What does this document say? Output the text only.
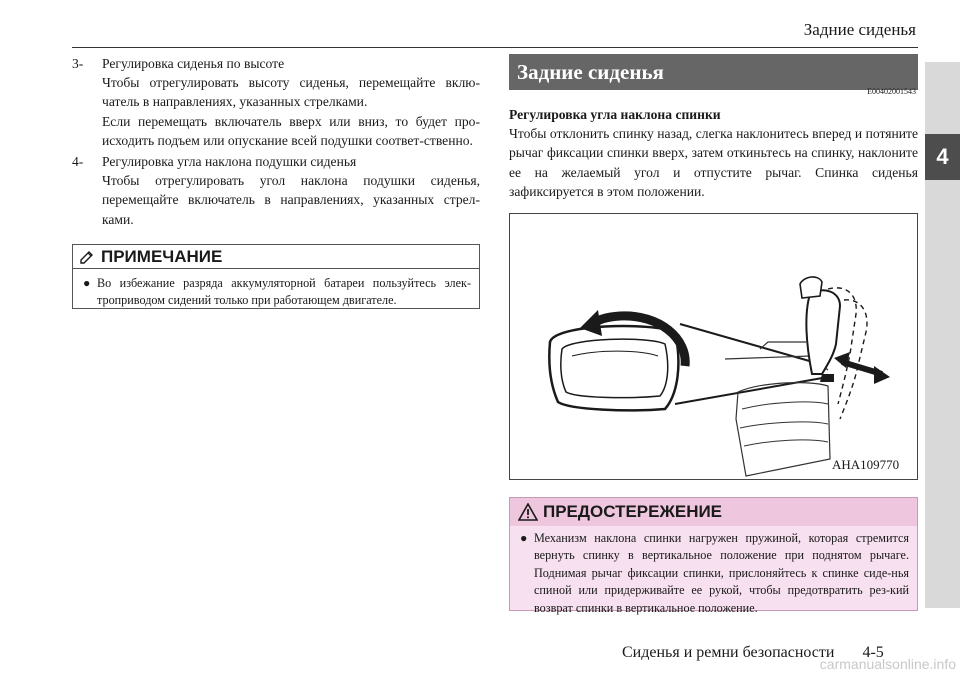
Задние сиденья
4
3-	Регулировка сиденья по высоте

Чтобы отрегулировать высоту сиденья, перемещайте вклю-чатель в направлениях, указанных стрелками.

Если перемещать включатель вверх или вниз, то будет про-исходить подъем или опускание всей подушки соответ-ственно.

4-	Регулировка угла наклона подушки сиденья

Чтобы отрегулировать угол наклона подушки сиденья, перемещайте включатель в направлениях, указанных стрел-ками.

ПРИМЕЧАНИЕ
● Во избежание разряда аккумуляторной батареи пользуйтесь элек-троприводом сидений только при работающем двигателе.
Задние сиденья
E00402001543
Регулировка угла наклона спинки

Чтобы отклонить спинку назад, слегка наклонитесь вперед и потяните рычаг фиксации спинки вверх, затем откиньтесь на спинку, наклоните ее на желаемый угол и отпустите рычаг. Спинка сиденья зафиксируется в этом положении.

AHA109770
ПРЕДОСТЕРЕЖЕНИЕ
● Механизм наклона спинки нагружен пружиной, которая стремится вернуть спинку в вертикальное положение при поднятом рычаге. Поднимая рычаг фиксации спинки, прислоняйтесь к спинке сиде-нья спиной или придерживайте ее рукой, чтобы предотвратить рез-кий возврат спинки в вертикальное положение.
Сиденья и ремни безопасности 4-5
carmanualsonline.info
